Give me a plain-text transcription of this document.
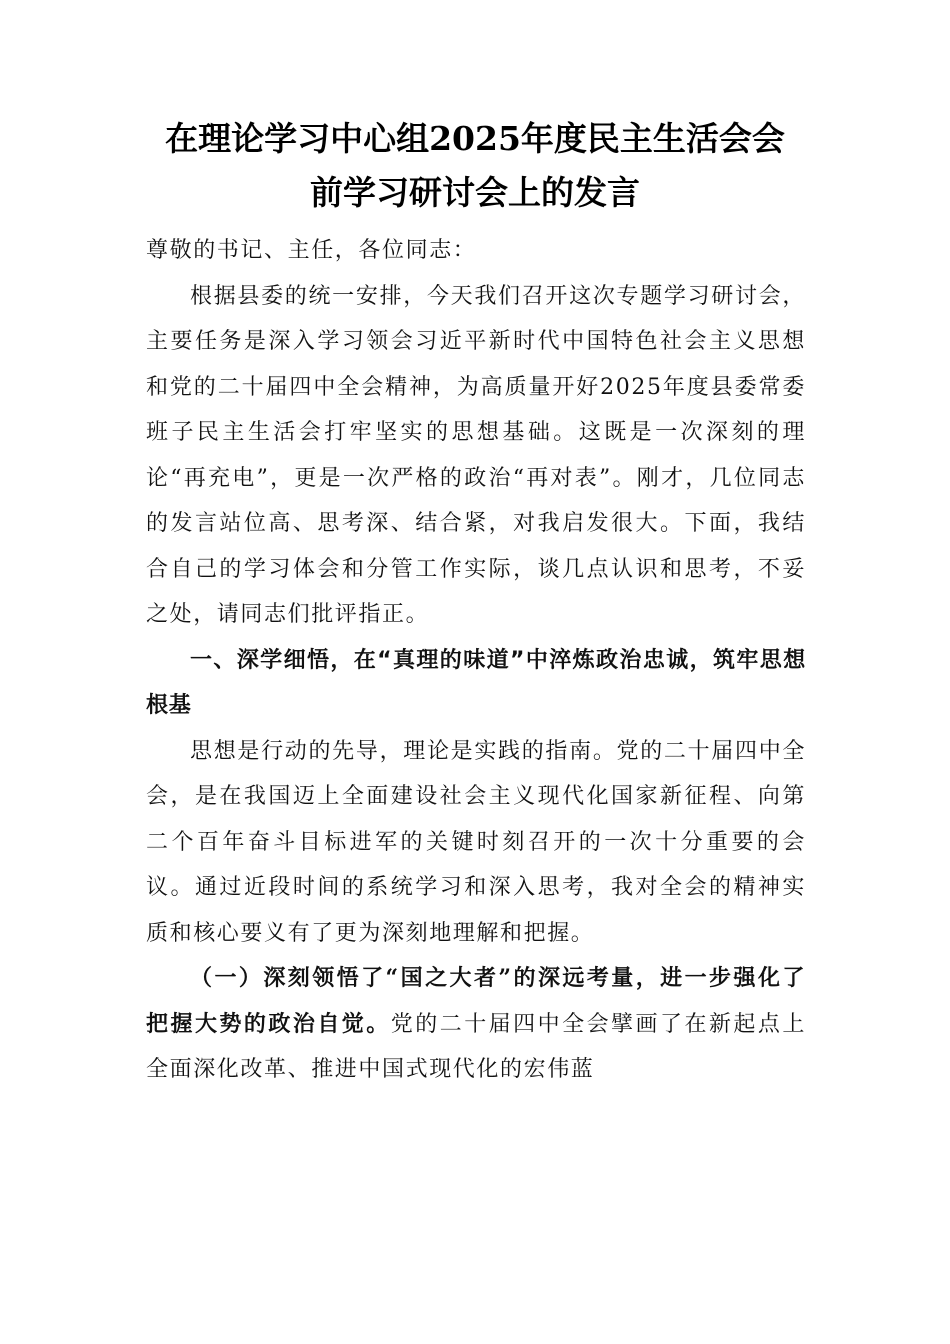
在理论学习中心组2025年度民主生活会会
前学习研讨会上的发言

尊敬的书记、主任，各位同志：

根据县委的统一安排，今天我们召开这次专题学习研讨会，主要任务是深入学习领会习近平新时代中国特色社会主义思想和党的二十届四中全会精神，为高质量开好2025年度县委常委班子民主生活会打牢坚实的思想基础。这既是一次深刻的理论“再充电”，更是一次严格的政治“再对表”。刚才，几位同志的发言站位高、思考深、结合紧，对我启发很大。下面，我结合自己的学习体会和分管工作实际，谈几点认识和思考，不妥之处，请同志们批评指正。

一、深学细悟，在“真理的味道”中淬炼政治忠诚，筑牢思想根基

思想是行动的先导，理论是实践的指南。党的二十届四中全会，是在我国迈上全面建设社会主义现代化国家新征程、向第二个百年奋斗目标进军的关键时刻召开的一次十分重要的会议。通过近段时间的系统学习和深入思考，我对全会的精神实质和核心要义有了更为深刻地理解和把握。

（一）深刻领悟了“国之大者”的深远考量，进一步强化了把握大势的政治自觉。党的二十届四中全会擘画了在新起点上全面深化改革、推进中国式现代化的宏伟蓝
